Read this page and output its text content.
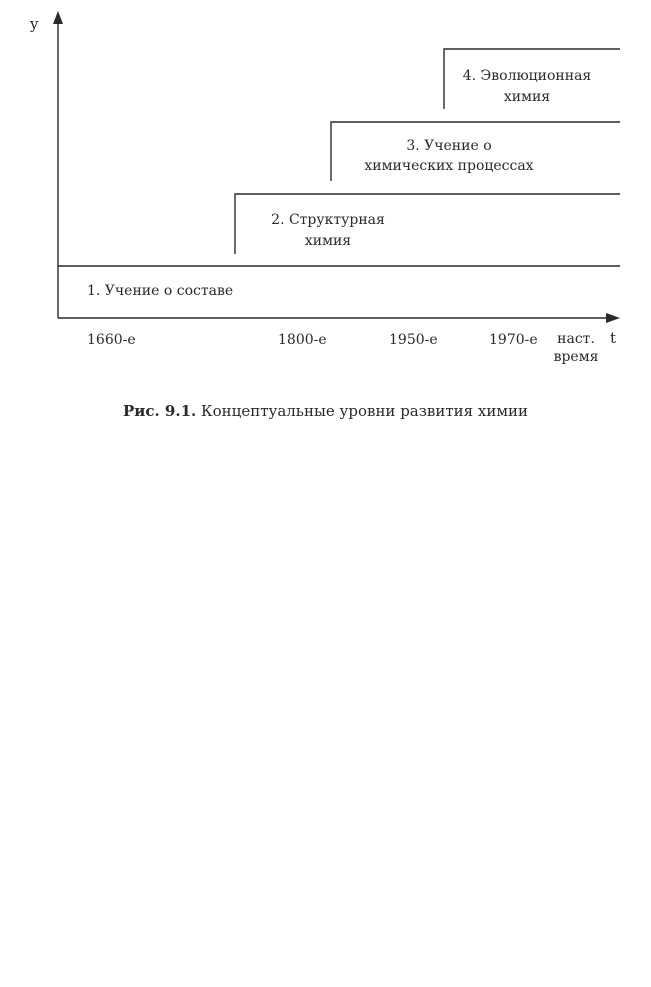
y
t
1. Учение о составе
2. Структурная
химия
3. Учение о
химических процессах
4. Эволюционная
химия
1660-е	1800-е	1950-е	1970-е наст.
время
Рис. 9.1. Концептуальные уровни развития химии
